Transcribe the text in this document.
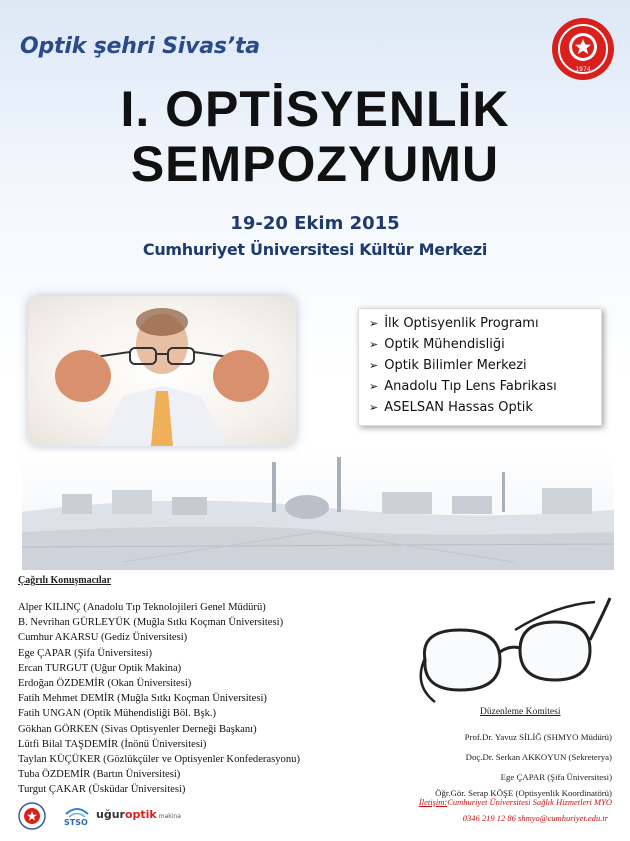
Optik şehri Sivas’ta
1974
I. OPTİSYENLİK
SEMPOZYUMU
19-20 Ekim 2015
Cumhuriyet Üniversitesi Kültür Merkezi
➢ İlk Optisyenlik Programı
➢ Optik Mühendisliği
➢ Optik Bilimler Merkezi
➢ Anadolu Tıp Lens Fabrikası
➢ ASELSAN Hassas Optik
Çağrılı Konuşmacılar
Alper KILINÇ (Anadolu Tıp Teknolojileri Genel Müdürü)
B. Nevrihan GÜRLEYÜK (Muğla Sıtkı Koçman Üniversitesi)
Cumhur AKARSU (Gediz Üniversitesi)
Ege ÇAPAR (Şifa Üniversitesi)
Ercan TURGUT (Uğur Optik Makina)
Erdoğan ÖZDEMİR (Okan Üniversitesi)
Fatih Mehmet DEMİR (Muğla Sıtkı Koçman Üniversitesi)
Fatih UNGAN (Optik Mühendisliği Böl. Bşk.)
Gökhan GÖRKEN (Sivas Optisyenler Derneği Başkanı)
Lütfi Bilal TAŞDEMİR (İnönü Üniversitesi)
Taylan KÜÇÜKER (Gözlükçüler ve Optisyenler Konfederasyonu)
Tuba ÖZDEMİR (Bartın Üniversitesi)
Turgut ÇAKAR (Üsküdar Üniversitesi)
Düzenleme Komitesi
Prof.Dr. Yavuz SİLİĞ (SHMYO Müdürü)
Doç.Dr. Serkan AKKOYUN (Sekreterya)
Ege ÇAPAR (Şifa Üniversitesi)
Öğr.Gör. Serap KÖŞE (Optisyenlik Koordinatörü)
İletişim:Cumhuriyet Üniversitesi Sağlık Hizmetleri MYO
0346 219 12 86 shmyo@cumhuriyet.edu.tr
STSO
uğuroptik makina
